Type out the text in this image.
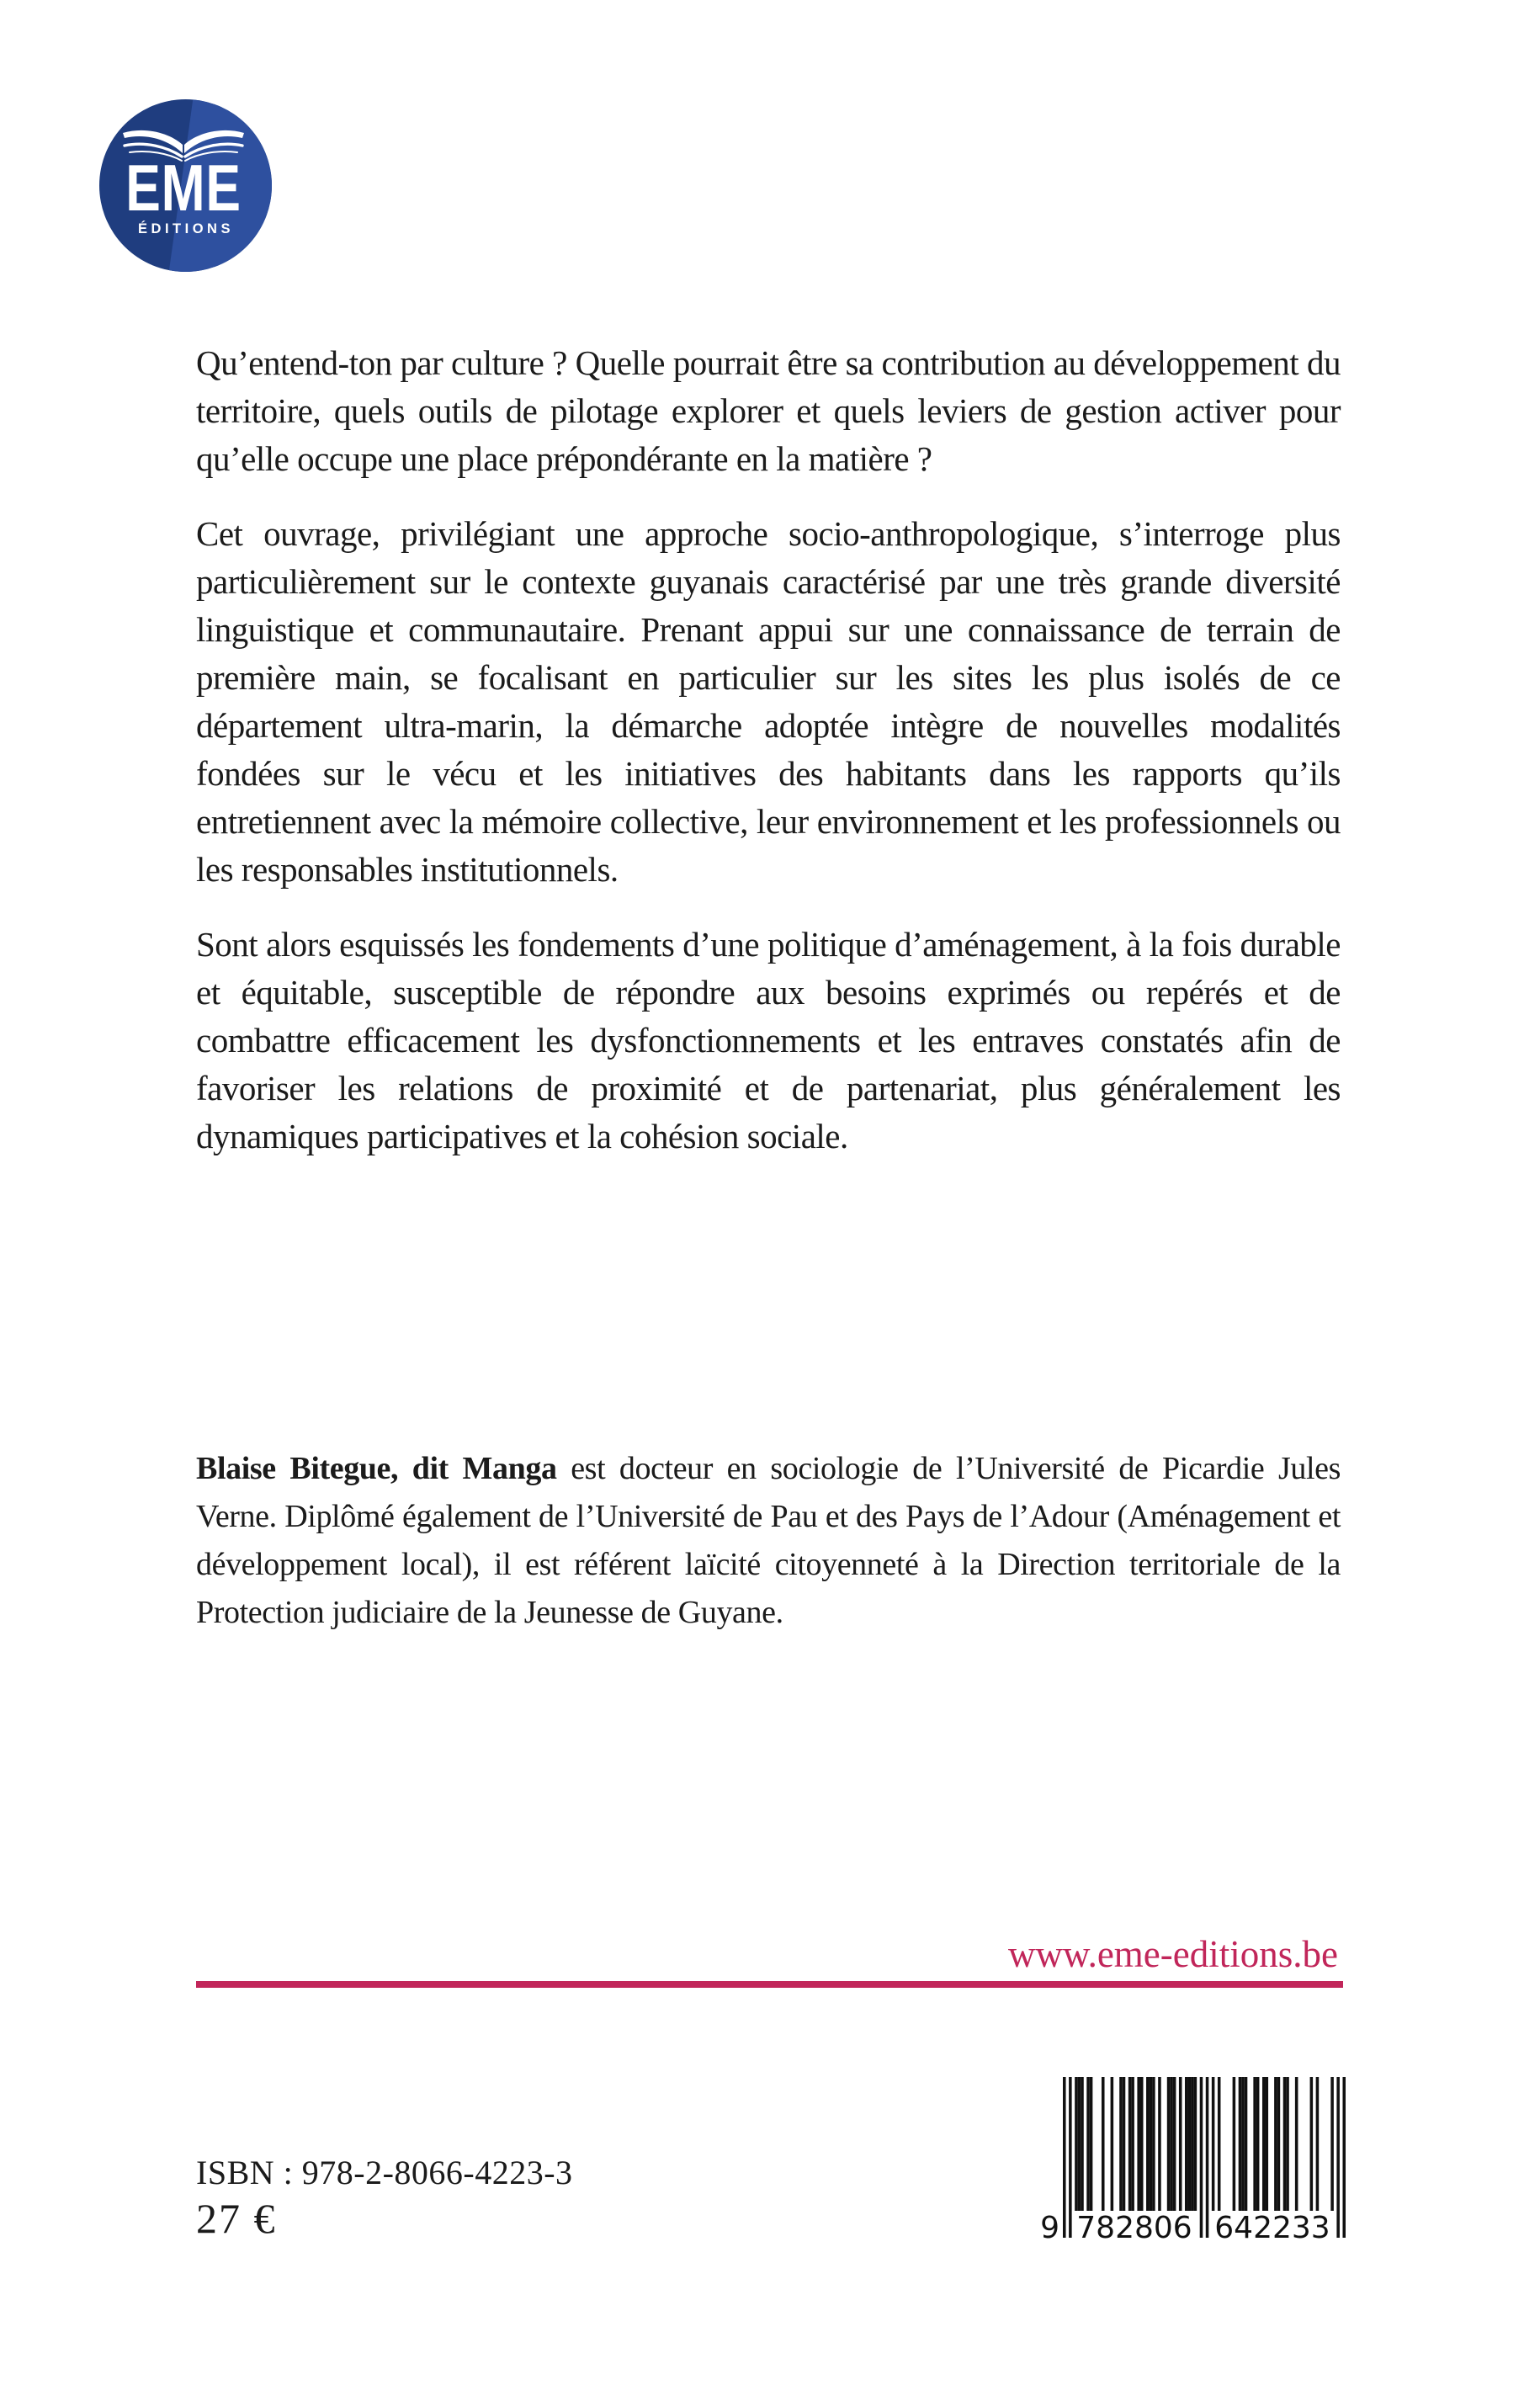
EME
ÉDITIONS

Qu’entend-ton par culture ? Quelle pourrait être sa contribution au développement du territoire, quels outils de pilotage explorer et quels leviers de gestion activer pour qu’elle occupe une place prépondérante en la matière ?

Cet ouvrage, privilégiant une approche socio-anthropologique, s’interroge plus particulièrement sur le contexte guyanais caractérisé par une très grande diversité linguistique et communautaire. Prenant appui sur une connaissance de terrain de première main, se focalisant en particulier sur les sites les plus isolés de ce département ultra-marin, la démarche adoptée intègre de nouvelles modalités fondées sur le vécu et les initiatives des habitants dans les rapports qu’ils entretiennent avec la mémoire collective, leur environnement et les professionnels ou les responsables institutionnels.

Sont alors esquissés les fondements d’une politique d’aménagement, à la fois durable et équitable, susceptible de répondre aux besoins exprimés ou repérés et de combattre efficacement les dysfonctionnements et les entraves constatés afin de favoriser les relations de proximité et de partenariat, plus généralement les dynamiques participatives et la cohésion sociale.

Blaise Bitegue, dit Manga est docteur en sociologie de l’Université de Picardie Jules Verne. Diplômé également de l’Université de Pau et des Pays de l’Adour (Aménagement et développement local), il est référent laïcité citoyenneté à la Direction territoriale de la Protection judiciaire de la Jeunesse de Guyane.
www.eme-editions.be
ISBN : 978-2-8066-4223-3
27 €	9 782806 642233
